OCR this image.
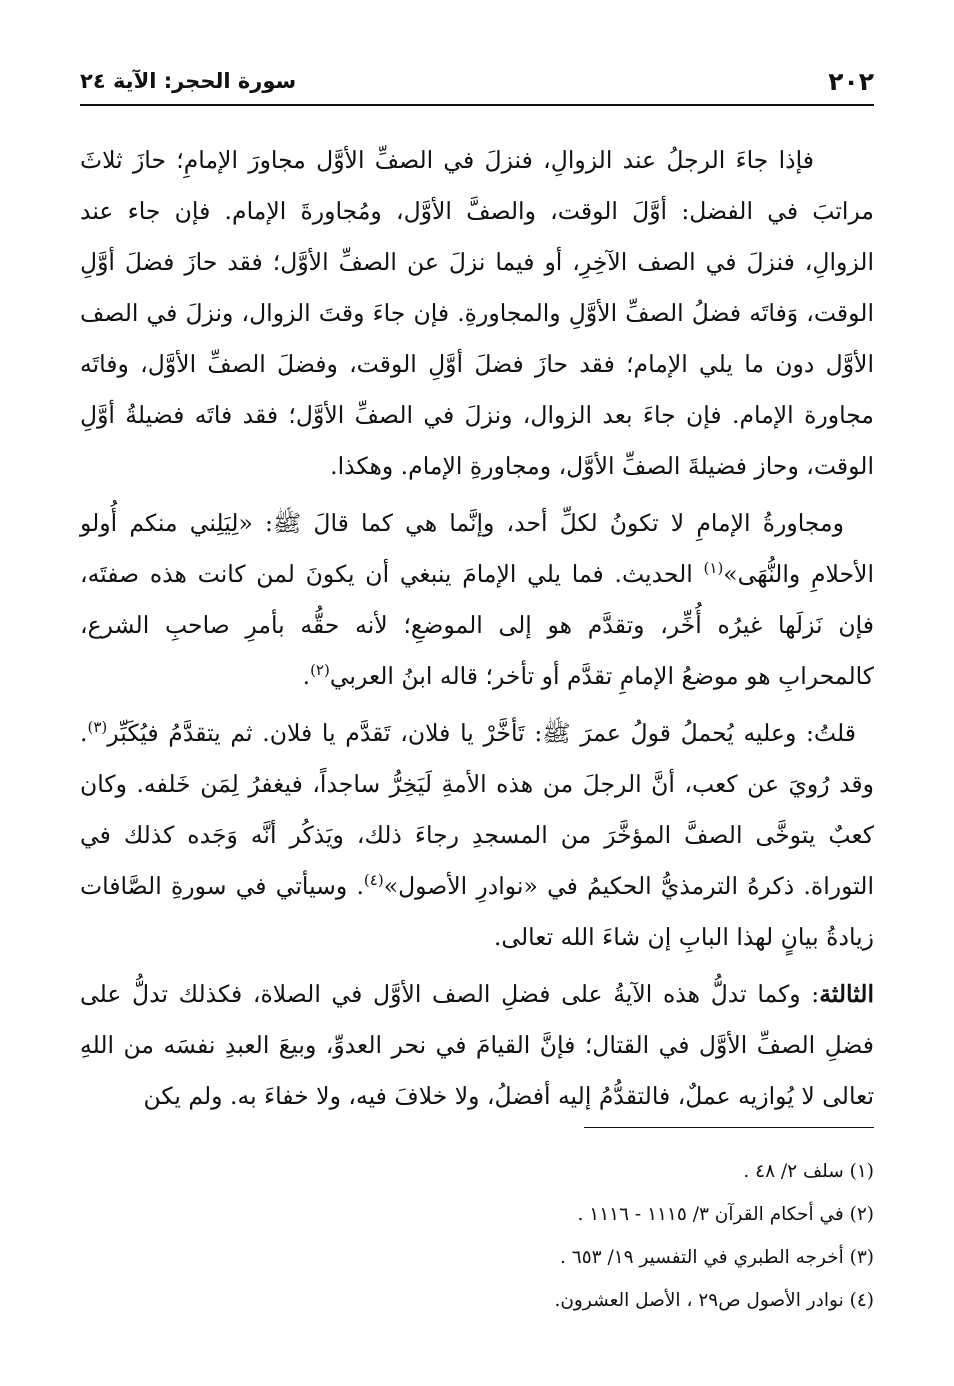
٢٠٢
سورة الحجر: الآية ٢٤

فإذا جاءَ الرجلُ عند الزوالِ، فنزلَ في الصفِّ الأوَّل مجاورَ الإمامِ؛ حازَ ثلاثَ مراتبَ في الفضل: أوَّلَ الوقت، والصفَّ الأوَّل، ومُجاورةَ الإمام. فإن جاء عند الزوالِ، فنزلَ في الصف الآخِرِ، أو فيما نزلَ عن الصفِّ الأوَّل؛ فقد حازَ فضلَ أوَّلِ الوقت، وَفاتَه فضلُ الصفِّ الأوَّلِ والمجاورةِ. فإن جاءَ وقتَ الزوال، ونزلَ في الصف الأوَّل دون ما يلي الإمام؛ فقد حازَ فضلَ أوَّلِ الوقت، وفضلَ الصفِّ الأوَّل، وفاتَه مجاورة الإمام. فإن جاءَ بعد الزوال، ونزلَ في الصفِّ الأوَّل؛ فقد فاتَه فضيلةُ أوَّلِ الوقت، وحاز فضيلةَ الصفِّ الأوَّل، ومجاورةِ الإمام. وهكذا.

ومجاورةُ الإمامِ لا تكونُ لكلِّ أحد، وإنَّما هي كما قالَ ﷺ: «لِيَلِني منكم أُولو الأحلامِ والنُّهَى»$^{(١)}$ الحديث. فما يلي الإمامَ ينبغي أن يكونَ لمن كانت هذه صفتَه، فإن نَزلَها غيرُه أُخِّر، وتقدَّم هو إلى الموضعِ؛ لأنه حقُّه بأمرِ صاحبِ الشرع، كالمحرابِ هو موضعُ الإمامِ تقدَّم أو تأخر؛ قاله ابنُ العربي$^{(٢)}$.

قلتُ: وعليه يُحملُ قولُ عمرَ ﷺ: تَأخَّرْ يا فلان، تَقدَّم يا فلان. ثم يتقدَّمُ فيُكَبِّر$^{(٣)}$. وقد رُويَ عن كعب، أنَّ الرجلَ من هذه الأمةِ لَيَخِرُّ ساجداً، فيغفرُ لِمَن خَلفه. وكان كعبٌ يتوخَّى الصفَّ المؤخَّرَ من المسجدِ رجاءَ ذلك، ويَذكُر أنَّه وَجَده كذلك في التوراة. ذكرهُ الترمذيُّ الحكيمُ في «نوادرِ الأصول»$^{(٤)}$. وسيأتي في سورةِ الصَّافات زيادةُ بيانٍ لهذا البابِ إن شاءَ الله تعالى.

الثالثة: وكما تدلُّ هذه الآيةُ على فضلِ الصف الأوَّل في الصلاة، فكذلك تدلُّ على فضلِ الصفِّ الأوَّل في القتال؛ فإنَّ القيامَ في نحر العدوِّ، وبيعَ العبدِ نفسَه من اللهِ تعالى لا يُوازيه عملٌ، فالتقدُّمُ إليه أفضلُ، ولا خلافَ فيه، ولا خفاءَ به. ولم يكن

(١) سلف ٢/ ٤٨ .

(٢) في أحكام القرآن ٣/ ١١١٥ - ١١١٦ .

(٣) أخرجه الطبري في التفسير ١٩/ ٦٥٣ .

(٤) نوادر الأصول ص٢٩ ، الأصل العشرون.
